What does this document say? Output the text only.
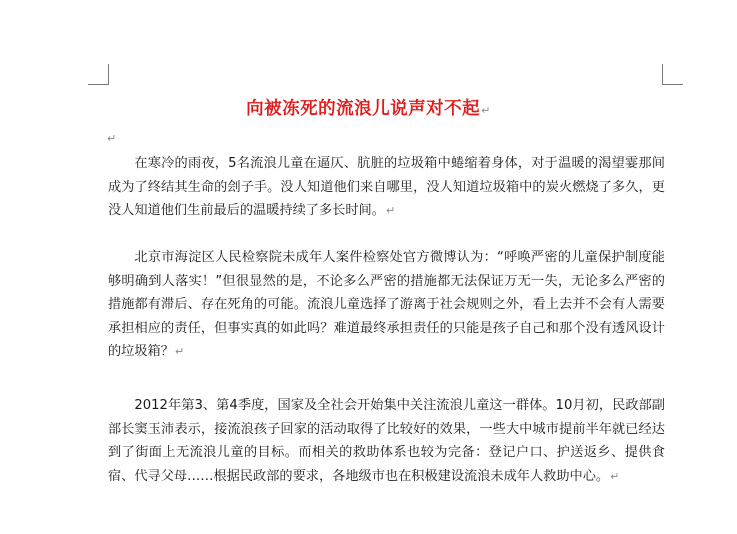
向被冻死的流浪儿说声对不起↵
↵

在寒冷的雨夜，5名流浪儿童在逼仄、肮脏的垃圾箱中蜷缩着身体，对于温暖的渴望霎那间成为了终结其生命的刽子手。没人知道他们来自哪里，没人知道垃圾箱中的炭火燃烧了多久，更没人知道他们生前最后的温暖持续了多长时间。↵

北京市海淀区人民检察院未成年人案件检察处官方微博认为：“呼唤严密的儿童保护制度能够明确到人落实！”但很显然的是，不论多么严密的措施都无法保证万无一失，无论多么严密的措施都有滞后、存在死角的可能。流浪儿童选择了游离于社会规则之外，看上去并不会有人需要承担相应的责任，但事实真的如此吗？难道最终承担责任的只能是孩子自己和那个没有透风设计的垃圾箱？↵

2012年第3、第4季度，国家及全社会开始集中关注流浪儿童这一群体。10月初，民政部副部长窦玉沛表示，接流浪孩子回家的活动取得了比较好的效果，一些大中城市提前半年就已经达到了街面上无流浪儿童的目标。而相关的救助体系也较为完备：登记户口、护送返乡、提供食宿、代寻父母……根据民政部的要求，各地级市也在积极建设流浪未成年人救助中心。↵
